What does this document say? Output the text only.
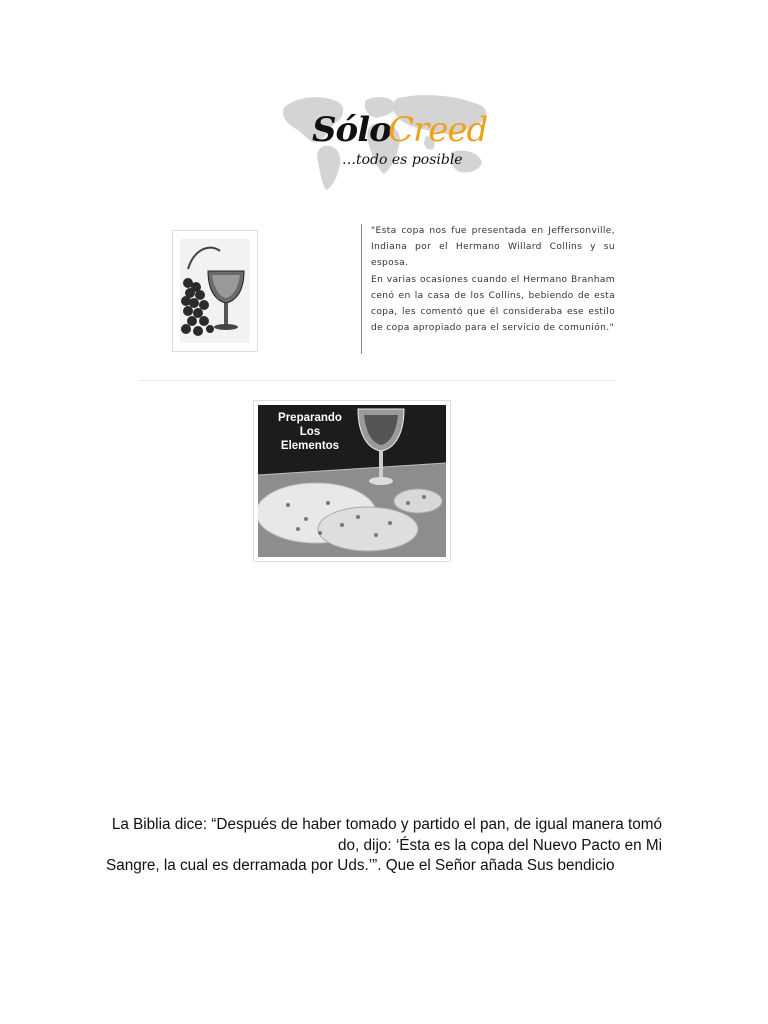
Sólo
Creed
…todo es posible

"Esta copa nos fue presentada en Jeffersonville, Indiana por el Hermano Willard Collins y su esposa.

En varias ocasiones cuando el Hermano Branham cenó en la casa de los Collins, bebiendo de esta copa, les comentó que él consideraba ese estilo de copa apropiado para el servicio de comunión."

Preparando
Los
Elementos
La Biblia dice: “Después de haber tomado y partido el pan, de igual manera tomó
do, dijo: ‘Ésta es la copa del Nuevo Pacto en Mi
Sangre, la cual es derramada por Uds.’”. Que el Señor añada Sus bendicio
